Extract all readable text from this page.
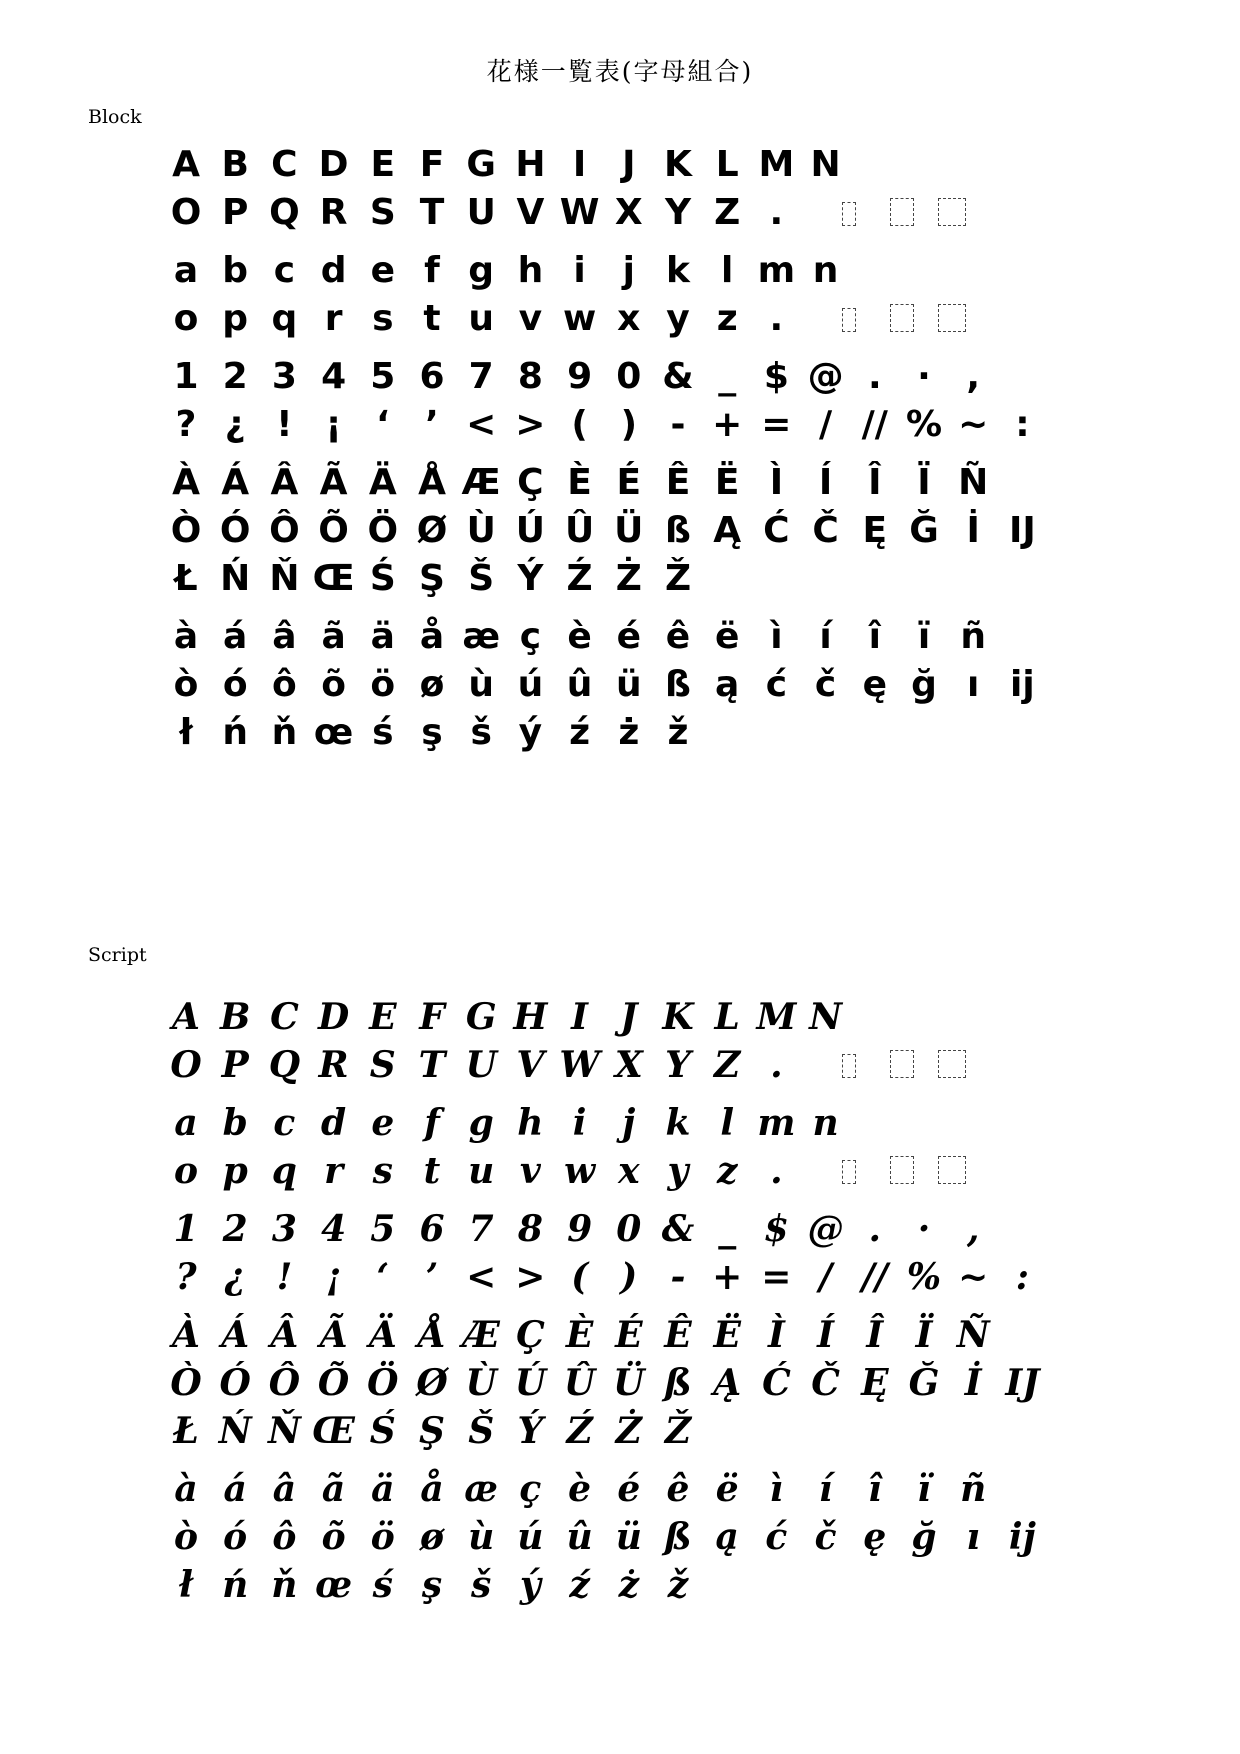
花様一覧表(字母組合)
Block
A B C D E F G H I J K L M N
O P Q R S T U V W X Y Z .
a b c d e f g h i	j k l m n
o p q r s t u v w x y z .
1 2 3 4 5 6 7 8 9 0 & _ $ @ . · ,
? ¿ ! ¡ ‘ ’ < > ( ) - + = / // % ~ :
À Á Â Ã Ä Å Æ Ç È É Ê Ë Ì Í Î Ï Ñ
Ò Ó Ô Õ Ö Ø Ù Ú Û Ü ß Ą Ć Č Ę Ğ İ Ĳ
Ł Ń Ň Œ Ś Ş Š Ý Ź Ż Ž
à á â ã ä å æ ç è é ê ë ì	í	î	ï ñ
ò ó ô õ ö ø ù ú û ü ß ą ć č ę ğ ı ĳ
ł ń ň œ ś ş š ý ź ż ž
Script
A B C D E F G H I J K L M N
O P Q R S T U V W X Y Z .
a b c d e f g h i j k l m n
o p q r s t u v w x y z .
1 2 3 4 5 6 7 8 9 0 & _ $ @ .	·	,
? ¿ ! ¡ ‘	’ < > ( ) - + = / // % ~ :
À Á Â Ã Ä Å Æ Ç È É Ê Ë Ì Í Î Ï Ñ
Ò Ó Ô Õ Ö Ø Ù Ú Û Ü ß Ą Ć Č Ę Ğ İ Ĳ
Ł Ń Ň Œ Ś Ş Š Ý Ź Ż Ž
à á â ã ä å æ ç è é ê ë ì í î ï ñ
ò ó ô õ ö ø ù ú û ü ß ą ć č ę ğ ı ĳ
ł ń ň œ ś ş š ý ź ż ž
